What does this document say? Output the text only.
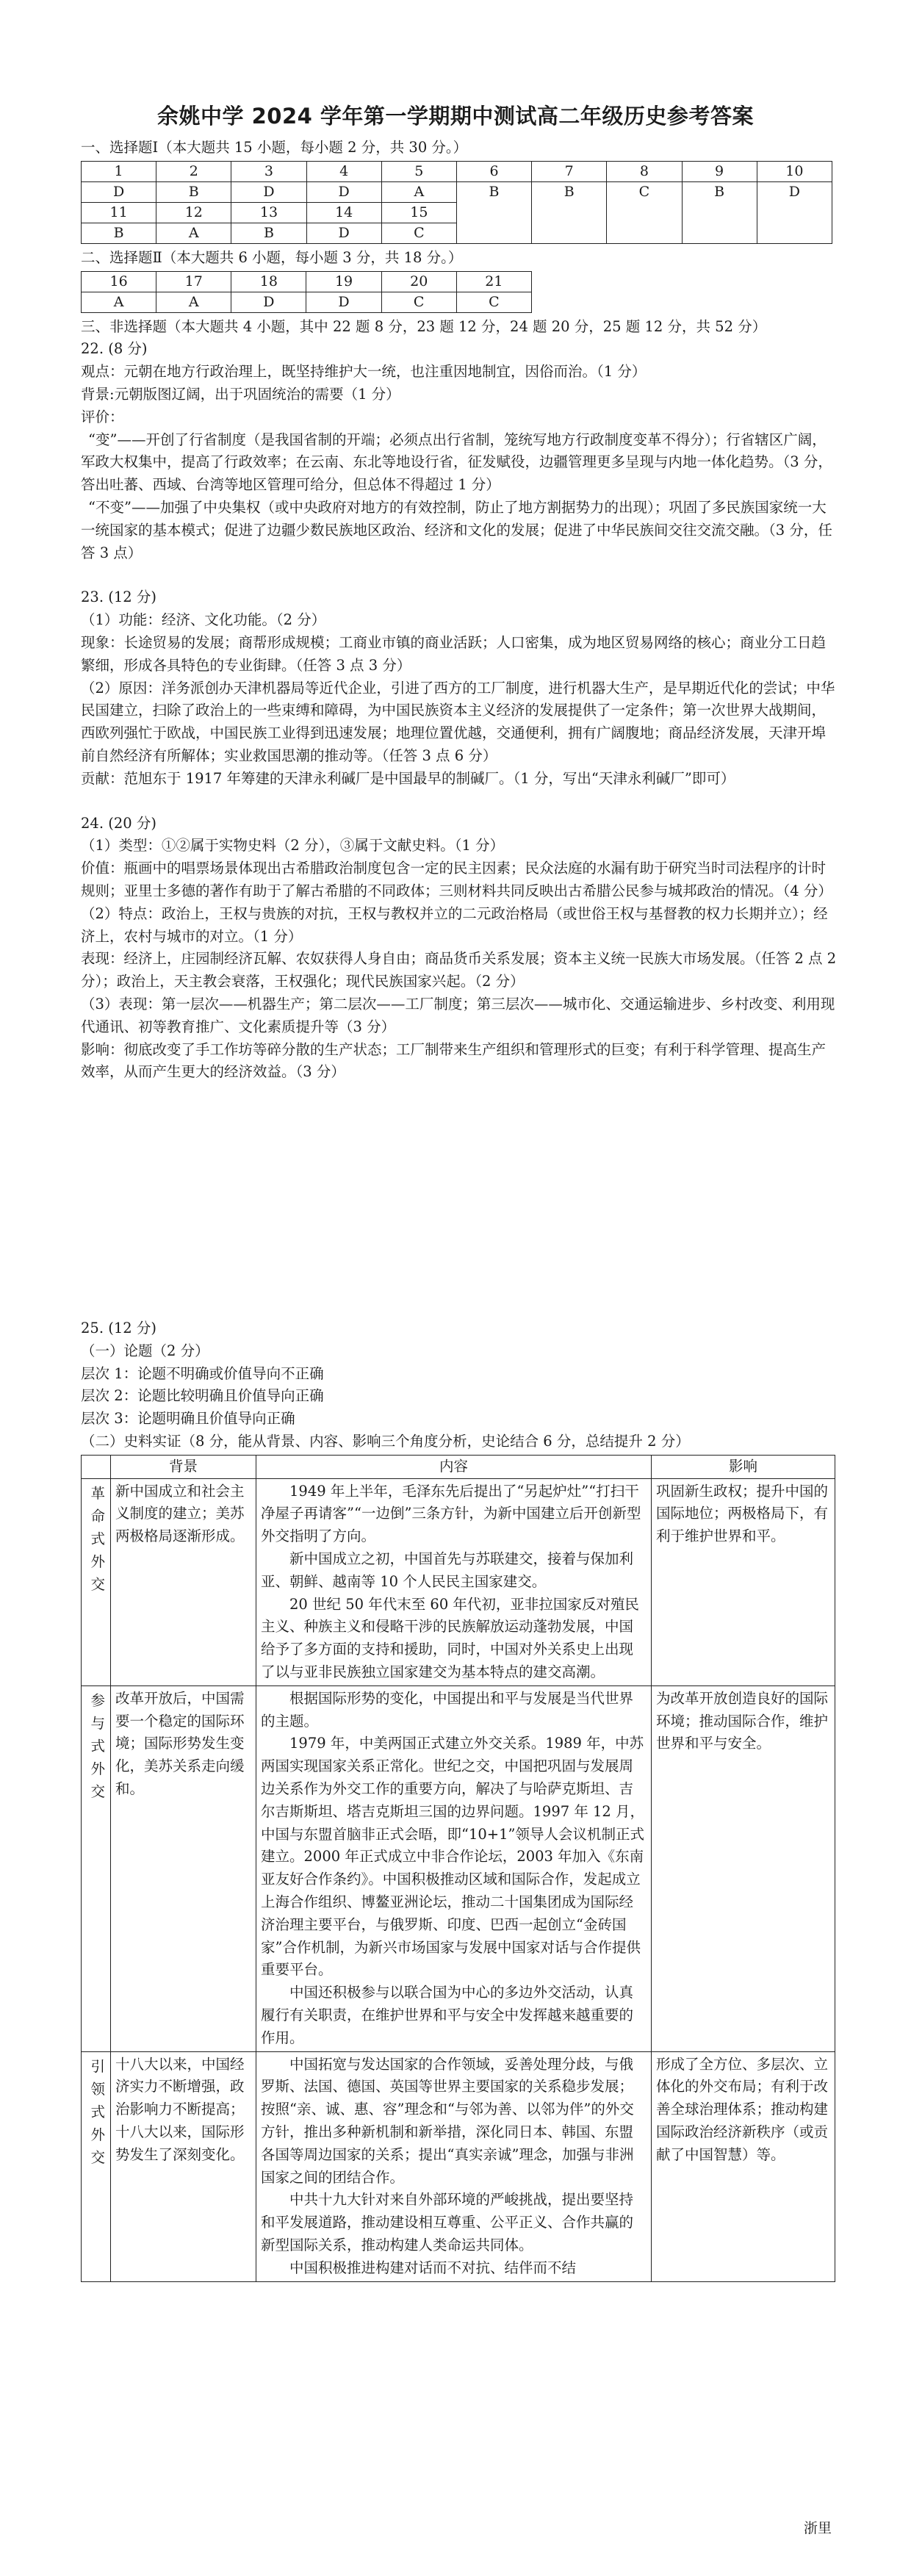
余姚中学 2024 学年第一学期期中测试高二年级历史参考答案

一、选择题Ⅰ（本大题共 15 小题，每小题 2 分，共 30 分。）

1	2	3	4	5	6	7	8	9	10
D	B	D	D	A	B	B	C	B	D
11	12	13	14	15					
B	A	B	D	C					

二、选择题Ⅱ（本大题共 6 小题，每小题 3 分，共 18 分。）

16	17	18	19	20	21
A	A	D	D	C	C

三、非选择题（本大题共 4 小题，其中 22 题 8 分，23 题 12 分，24 题 20 分，25 题 12 分，共 52 分）

22. (8 分)

观点：元朝在地方行政治理上，既坚持维护大一统，也注重因地制宜，因俗而治。（1 分）

背景:元朝版图辽阔，出于巩固统治的需要（1 分）

评价：

“变”——开创了行省制度（是我国省制的开端；必须点出行省制，笼统写地方行政制度变革不得分）；行省辖区广阔，军政大权集中，提高了行政效率；在云南、东北等地设行省，征发赋役，边疆管理更多呈现与内地一体化趋势。（3 分，答出吐蕃、西域、台湾等地区管理可给分，但总体不得超过 1 分）

“不变”——加强了中央集权（或中央政府对地方的有效控制，防止了地方割据势力的出现）；巩固了多民族国家统一大一统国家的基本模式；促进了边疆少数民族地区政治、经济和文化的发展；促进了中华民族间交往交流交融。（3 分，任答 3 点）

23. (12 分)

（1）功能：经济、文化功能。（2 分）

现象：长途贸易的发展；商帮形成规模；工商业市镇的商业活跃；人口密集，成为地区贸易网络的核心；商业分工日趋繁细，形成各具特色的专业街肆。（任答 3 点 3 分）

（2）原因：洋务派创办天津机器局等近代企业，引进了西方的工厂制度，进行机器大生产，是早期近代化的尝试；中华民国建立，扫除了政治上的一些束缚和障碍，为中国民族资本主义经济的发展提供了一定条件；第一次世界大战期间，西欧列强忙于欧战，中国民族工业得到迅速发展；地理位置优越，交通便利，拥有广阔腹地；商品经济发展，天津开埠前自然经济有所解体；实业救国思潮的推动等。（任答 3 点 6 分）

贡献：范旭东于 1917 年筹建的天津永利碱厂是中国最早的制碱厂。（1 分，写出“天津永利碱厂”即可）

24. (20 分)

（1）类型：①②属于实物史料（2 分），③属于文献史料。（1 分）

价值：瓶画中的唱票场景体现出古希腊政治制度包含一定的民主因素；民众法庭的水漏有助于研究当时司法程序的计时规则；亚里士多德的著作有助于了解古希腊的不同政体；三则材料共同反映出古希腊公民参与城邦政治的情况。（4 分）

（2）特点：政治上，王权与贵族的对抗，王权与教权并立的二元政治格局（或世俗王权与基督教的权力长期并立）；经济上，农村与城市的对立。（1 分）

表现：经济上，庄园制经济瓦解、农奴获得人身自由；商品货币关系发展；资本主义统一民族大市场发展。（任答 2 点 2 分）；政治上，天主教会衰落，王权强化；现代民族国家兴起。（2 分）

（3）表现：第一层次——机器生产；第二层次——工厂制度；第三层次——城市化、交通运输进步、乡村改变、利用现代通讯、初等教育推广、文化素质提升等（3 分）

影响：彻底改变了手工作坊等碎分散的生产状态；工厂制带来生产组织和管理形式的巨变；有利于科学管理、提高生产效率，从而产生更大的经济效益。（3 分）

25. (12 分)

（一）论题（2 分）

层次 1：论题不明确或价值导向不正确

层次 2：论题比较明确且价值导向正确

层次 3：论题明确且价值导向正确

（二）史料实证（8 分，能从背景、内容、影响三个角度分析，史论结合 6 分，总结提升 2 分）

	背景	内容	影响

革命式外交	新中国成立和社会主义制度的建立；美苏两极格局逐渐形成。	1949 年上半年，毛泽东先后提出了“另起炉灶”“打扫干净屋子再请客”“一边倒”三条方针，为新中国建立后开创新型外交指明了方向。

新中国成立之初，中国首先与苏联建交，接着与保加利亚、朝鲜、越南等 10 个人民民主国家建交。

20 世纪 50 年代末至 60 年代初，亚非拉国家反对殖民主义、种族主义和侵略干涉的民族解放运动蓬勃发展，中国给予了多方面的支持和援助，同时，中国对外关系史上出现了以与亚非民族独立国家建交为基本特点的建交高潮。	巩固新生政权；提升中国的国际地位；两极格局下，有利于维护世界和平。

参与式外交	改革开放后，中国需要一个稳定的国际环境；国际形势发生变化，美苏关系走向缓和。	根据国际形势的变化，中国提出和平与发展是当代世界的主题。

1979 年，中美两国正式建立外交关系。1989 年，中苏两国实现国家关系正常化。世纪之交，中国把巩固与发展周边关系作为外交工作的重要方向，解决了与哈萨克斯坦、吉尔吉斯斯坦、塔吉克斯坦三国的边界问题。1997 年 12 月，中国与东盟首脑非正式会晤，即“10+1”领导人会议机制正式建立。2000 年正式成立中非合作论坛，2003 年加入《东南亚友好合作条约》。中国积极推动区域和国际合作，发起成立上海合作组织、博鳌亚洲论坛，推动二十国集团成为国际经济治理主要平台，与俄罗斯、印度、巴西一起创立“金砖国家”合作机制，为新兴市场国家与发展中国家对话与合作提供重要平台。

中国还积极参与以联合国为中心的多边外交活动，认真履行有关职责，在维护世界和平与安全中发挥越来越重要的作用。	为改革开放创造良好的国际环境；推动国际合作，维护世界和平与安全。

引领式外交	十八大以来，中国经济实力不断增强，政治影响力不断提高；十八大以来，国际形势发生了深刻变化。	中国拓宽与发达国家的合作领域，妥善处理分歧，与俄罗斯、法国、德国、英国等世界主要国家的关系稳步发展；按照“亲、诚、惠、容”理念和“与邻为善、以邻为伴”的外交方针，推出多种新机制和新举措，深化同日本、韩国、东盟各国等周边国家的关系；提出“真实亲诚”理念，加强与非洲国家之间的团结合作。

中共十九大针对来自外部环境的严峻挑战，提出要坚持和平发展道路，推动建设相互尊重、公平正义、合作共赢的新型国际关系，推动构建人类命运共同体。

中国积极推进构建对话而不对抗、结伴而不结	形成了全方位、多层次、立体化的外交布局；有利于改善全球治理体系；推动构建国际政治经济新秩序（或贡献了中国智慧）等。
浙里
